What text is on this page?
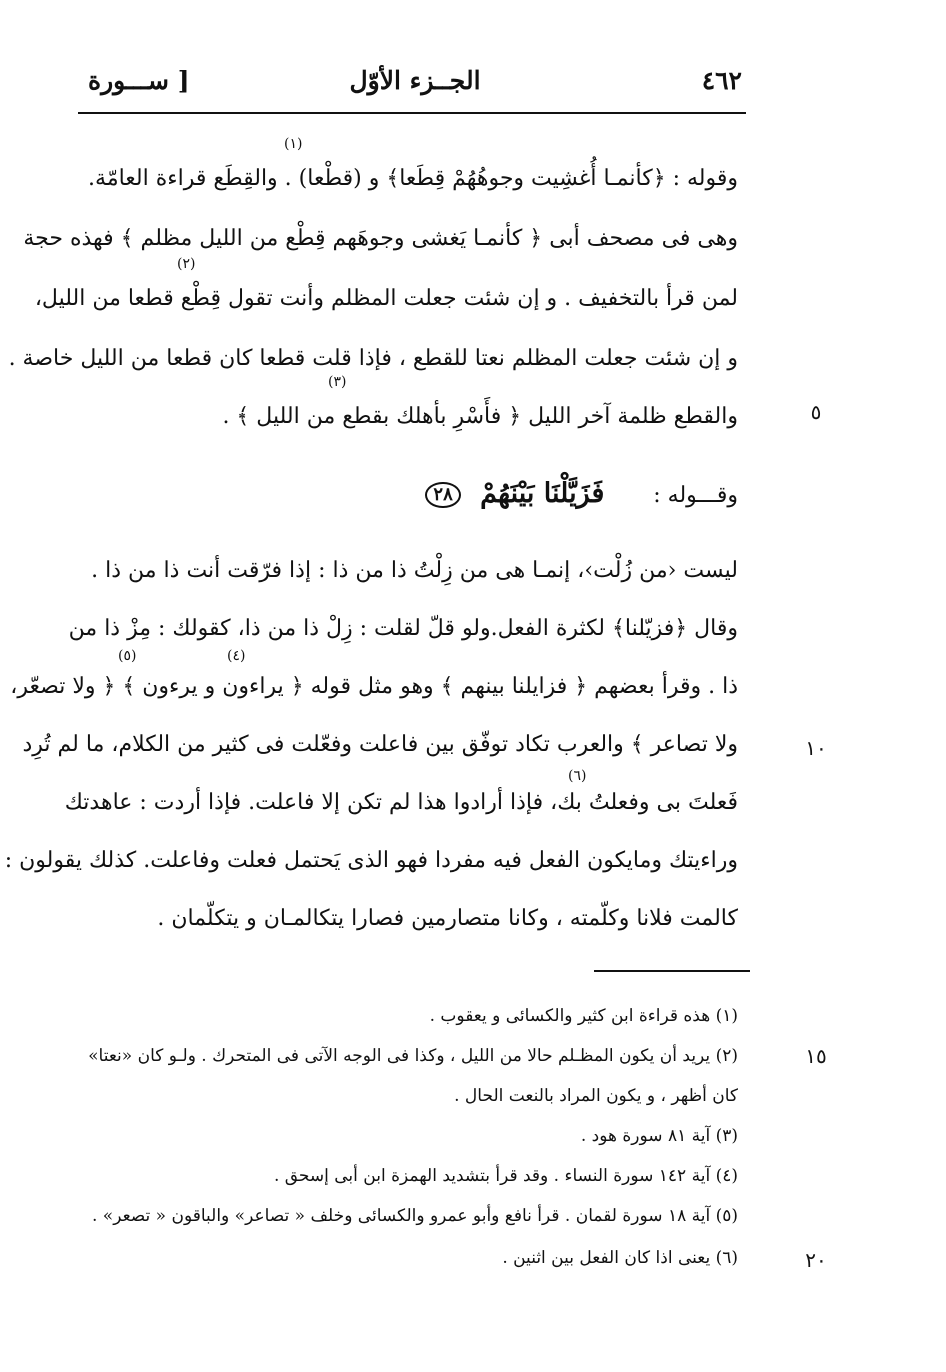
٤٦٢
الجــزء الأوّل
[ ســـورة
وقوله : ﴿كأنمـا أُغشِيت وجوهُهُمْ قِطَعا﴾ و (قطْعا) . والقِطَع قراءة العامّة.
وهى فى مصحف أبى ﴿ كأنمـا يَغشى وجوهَهم قِطْع من الليل مظلم ﴾ فهذه حجة
لمن قرأ بالتخفيف . و إن شئت جعلت المظلم وأنت تقول قِطْع قطعا من الليل،
و إن شئت جعلت المظلم نعتا للقطع ، فإذا قلت قطعا كان قطعا من الليل خاصة .
والقطع ظلمة آخر الليل ﴿ فأَسْرِ بأهلك بقطع من الليل ﴾ .
(١)
(٢)
(٣)
(٤)
(٥)
(٦)
وقـــوله :  فَزَيَّلْنَا بَيْنَهُمْ ٢٨
ليست ‹من زُلْت›، إنمـا هى من زِلْتُ ذا من ذا : إذا فرّقت أنت ذا من ذا .
وقال ﴿فزيّلنا﴾ لكثرة الفعل.ولو قلّ لقلت : زِلْ ذا من ذا، كقولك : مِزْ ذا من
ذا . وقرأ بعضهم ﴿ فزايلنا بينهم ﴾ وهو مثل قوله ﴿ يراءون و يرءون ﴾ ﴿ ولا تصعّر،
ولا تصاعر ﴾ والعرب تكاد توفّق بين فاعلت وفعّلت فى كثير من الكلام، ما لم تُرِد
فَعلتَ بى وفعلتُ بك، فإذا أرادوا هذا لم تكن إلا فاعلت. فإذا أردت : عاهدتك
وراءيتك ومايكون الفعل فيه مفردا فهو الذى يَحتمل فعلت وفاعلت. كذلك يقولون :
كالمت فلانا وكلّمته ، وكانا متصارمين فصارا يتكالمـان و يتكلّمان .
٥
١٠
١٥
٢٠
(١) هذه قراءة ابن كثير والكسائى و يعقوب .
(٢) يريد أن يكون المظـلم حالا من الليل ، وكذا فى الوجه الآتى فى المتحرك . ولـو كان «نعتا»
كان أظهر ، و يكون المراد بالنعت الحال .
(٣) آية ٨١ سورة هود .
(٤) آية ١٤٢ سورة النساء . وقد قرأ بتشديد الهمزة ابن أبى إسحق .
(٥) آية ١٨ سورة لقمان . قرأ نافع وأبو عمرو والكسائى وخلف « تصاعر» والباقون « تصعر» .
(٦) يعنى اذا كان الفعل بين اثنين .
